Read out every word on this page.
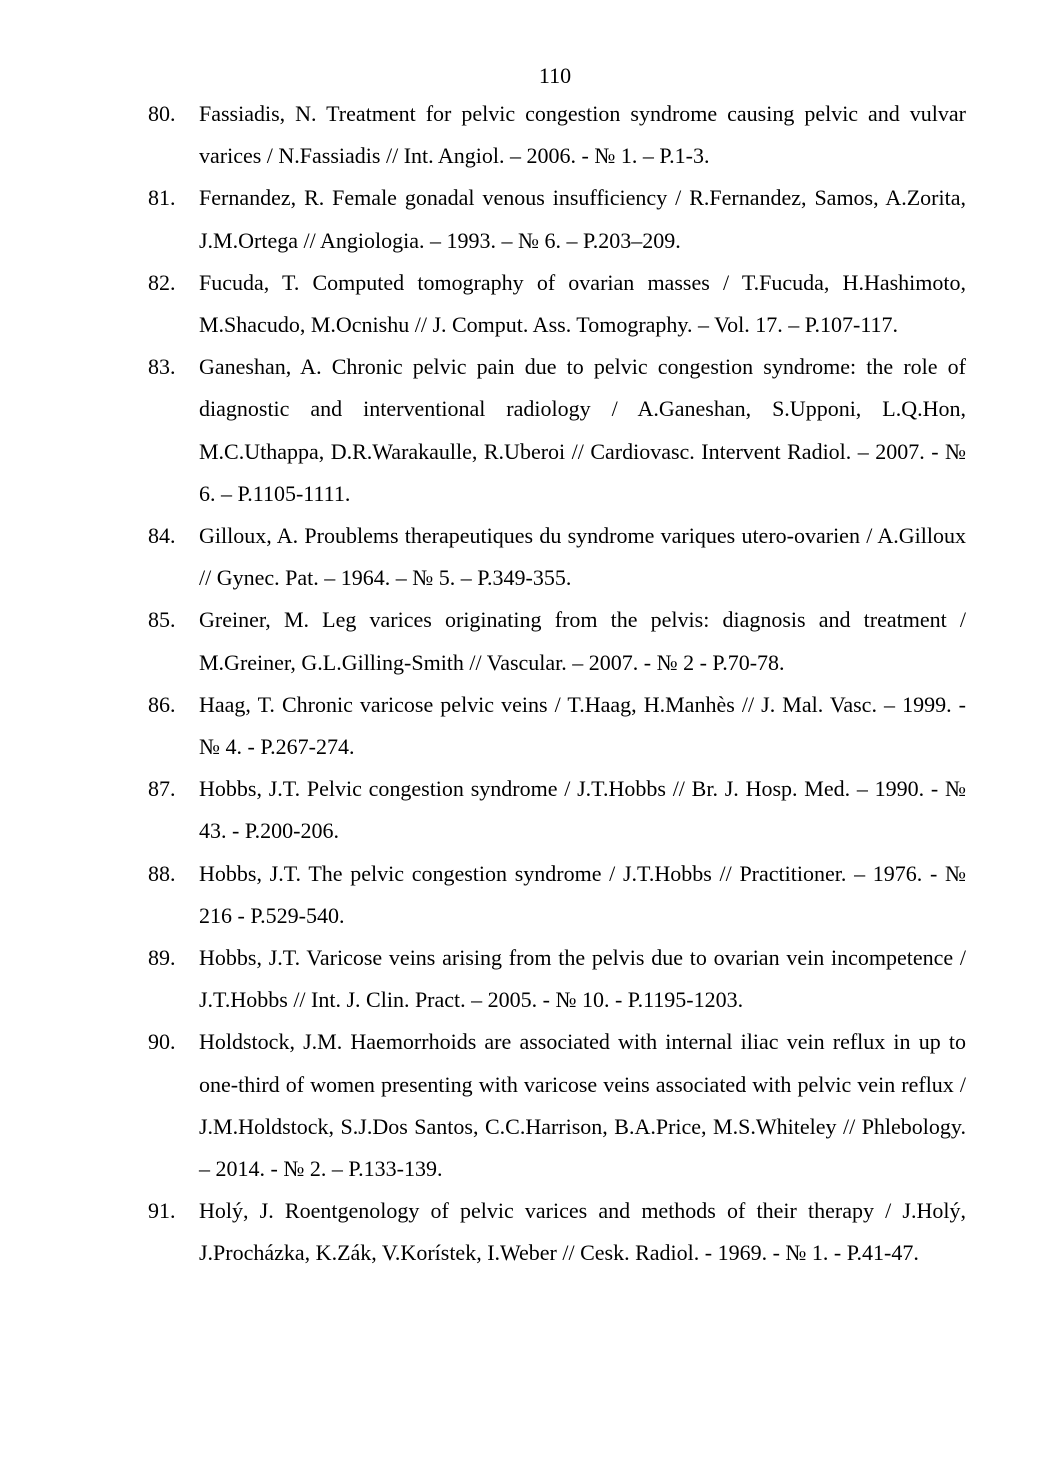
110
80. Fassiadis, N. Treatment for pelvic congestion syndrome causing pelvic and vulvar varices / N.Fassiadis // Int. Angiol. – 2006. - № 1. – P.1-3.
81. Fernandez, R. Female gonadal venous insufficiency / R.Fernandez, Samos, A.Zorita, J.M.Ortega // Angiologia. – 1993. – № 6. – P.203–209.
82. Fucuda, T. Computed tomography of ovarian masses / T.Fucuda, H.Hashimoto, M.Shacudo, M.Ocnishu // J. Comput. Ass. Tomography. – Vol. 17. – P.107-117.
83. Ganeshan, A. Chronic pelvic pain due to pelvic congestion syndrome: the role of diagnostic and interventional radiology / A.Ganeshan, S.Upponi, L.Q.Hon, M.C.Uthappa, D.R.Warakaulle, R.Uberoi // Cardiovasc. Intervent Radiol. – 2007. - № 6. – P.1105-1111.
84. Gilloux, A. Proublems therapeutiques du syndrome variques utero-ovarien / A.Gilloux // Gynec. Pat. – 1964. – № 5. – P.349-355.
85. Greiner, M. Leg varices originating from the pelvis: diagnosis and treatment / M.Greiner, G.L.Gilling-Smith // Vascular. – 2007. - № 2 - P.70-78.
86. Haag, T. Chronic varicose pelvic veins / T.Haag, H.Manhès // J. Mal. Vasc. – 1999. - № 4. - P.267-274.
87. Hobbs, J.T. Pelvic congestion syndrome / J.T.Hobbs // Br. J. Hosp. Med. – 1990. - № 43. - P.200-206.
88. Hobbs, J.T. The pelvic congestion syndrome / J.T.Hobbs // Practitioner. – 1976. - № 216 - P.529-540.
89. Hobbs, J.T. Varicose veins arising from the pelvis due to ovarian vein incompetence / J.T.Hobbs // Int. J. Clin. Pract. – 2005. - № 10. - P.1195-1203.
90. Holdstock, J.M. Haemorrhoids are associated with internal iliac vein reflux in up to one-third of women presenting with varicose veins associated with pelvic vein reflux / J.M.Holdstock, S.J.Dos Santos, C.C.Harrison, B.A.Price, M.S.Whiteley // Phlebology. – 2014. - № 2. – P.133-139.
91. Holý, J. Roentgenology of pelvic varices and methods of their therapy / J.Holý, J.Procházka, K.Zák, V.Korístek, I.Weber // Cesk. Radiol. - 1969. - № 1. - P.41-47.
